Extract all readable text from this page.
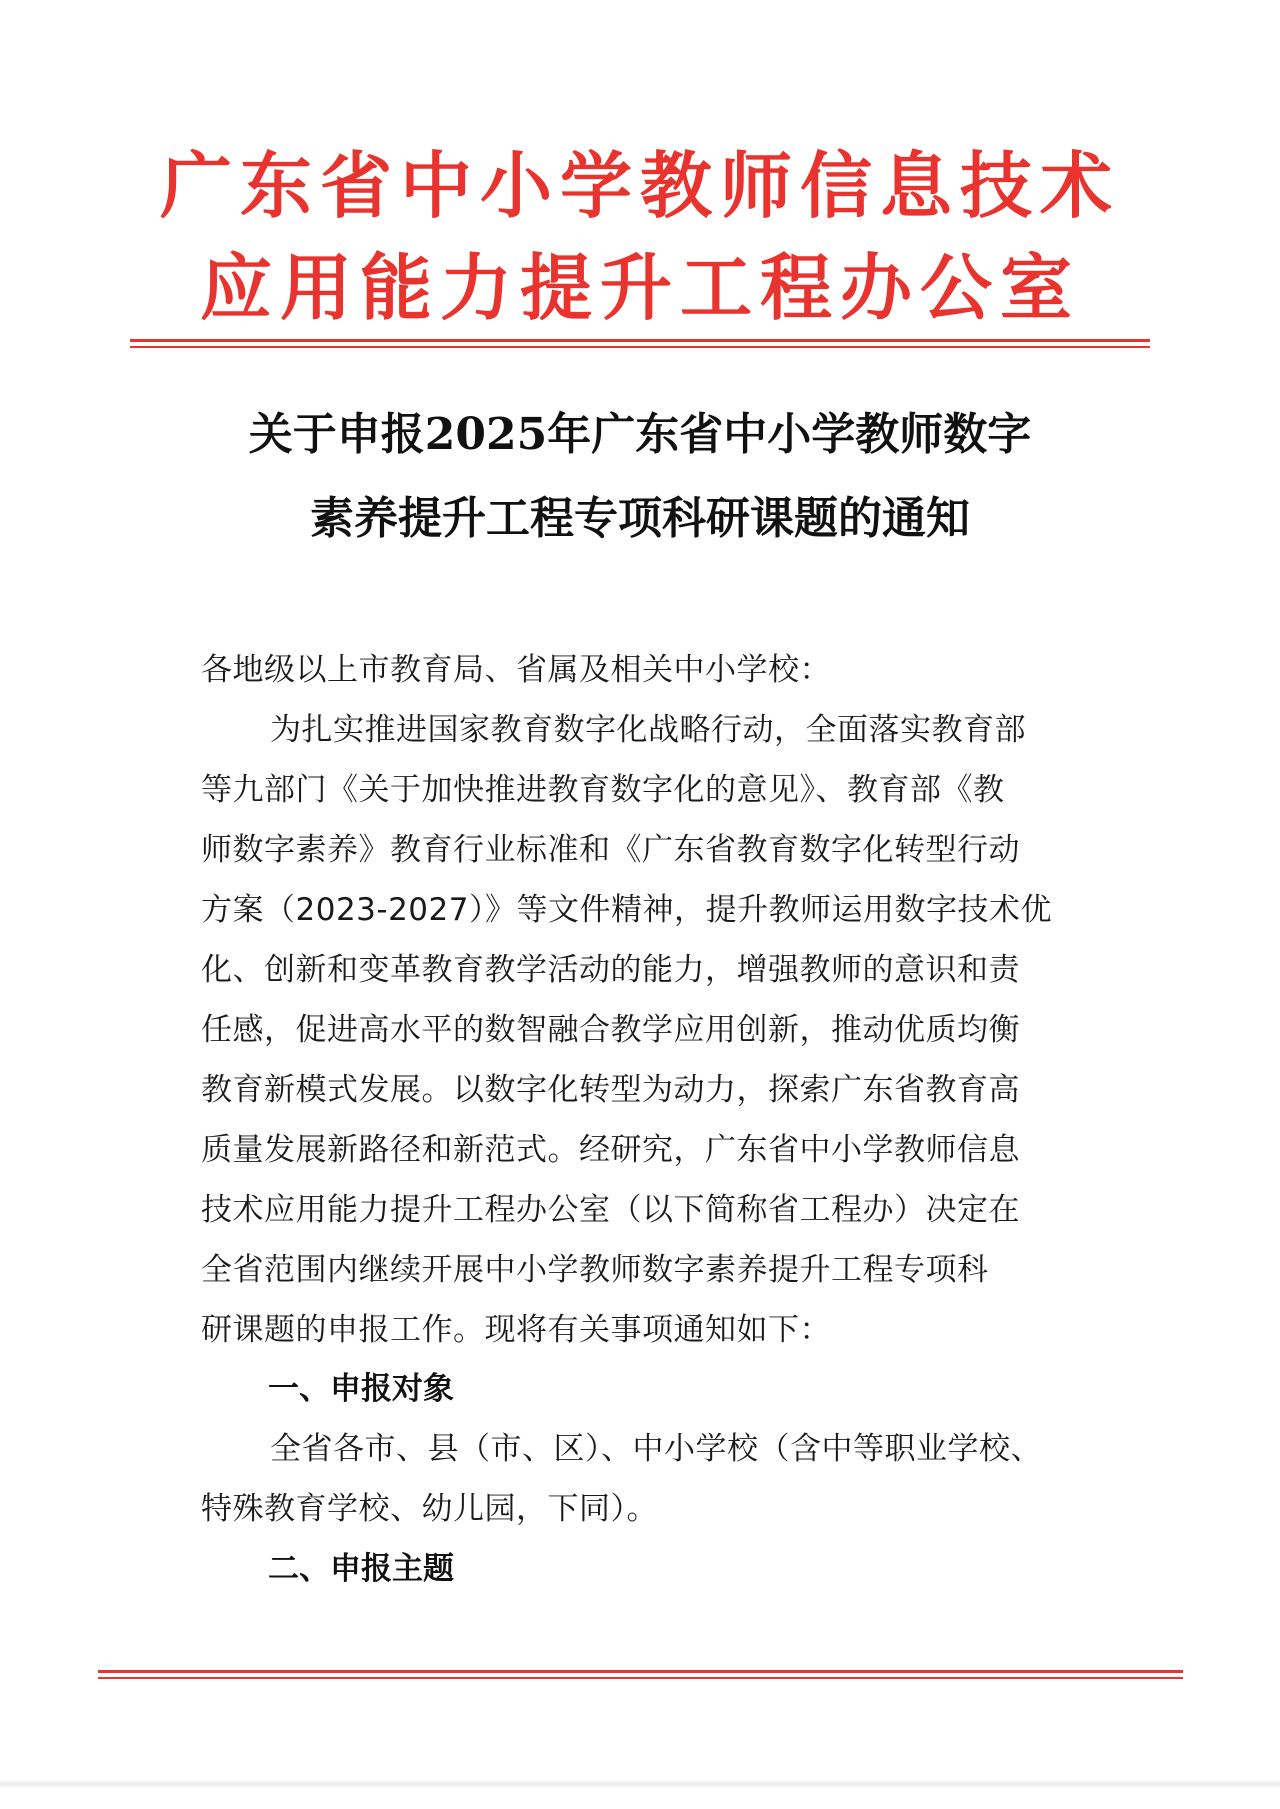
广东省中小学教师信息技术
应用能力提升工程办公室
关于申报2025年广东省中小学教师数字
素养提升工程专项科研课题的通知
各地级以上市教育局、省属及相关中小学校：
为扎实推进国家教育数字化战略行动，全面落实教育部
等九部门《关于加快推进教育数字化的意见》、教育部《教
师数字素养》教育行业标准和《广东省教育数字化转型行动
方案（2023-2027）》等文件精神，提升教师运用数字技术优
化、创新和变革教育教学活动的能力，增强教师的意识和责
任感，促进高水平的数智融合教学应用创新，推动优质均衡
教育新模式发展。以数字化转型为动力，探索广东省教育高
质量发展新路径和新范式。经研究，广东省中小学教师信息
技术应用能力提升工程办公室（以下简称省工程办）决定在
全省范围内继续开展中小学教师数字素养提升工程专项科
研课题的申报工作。现将有关事项通知如下：
一、申报对象
全省各市、县（市、区）、中小学校（含中等职业学校、
特殊教育学校、幼儿园，下同）。
二、申报主题
